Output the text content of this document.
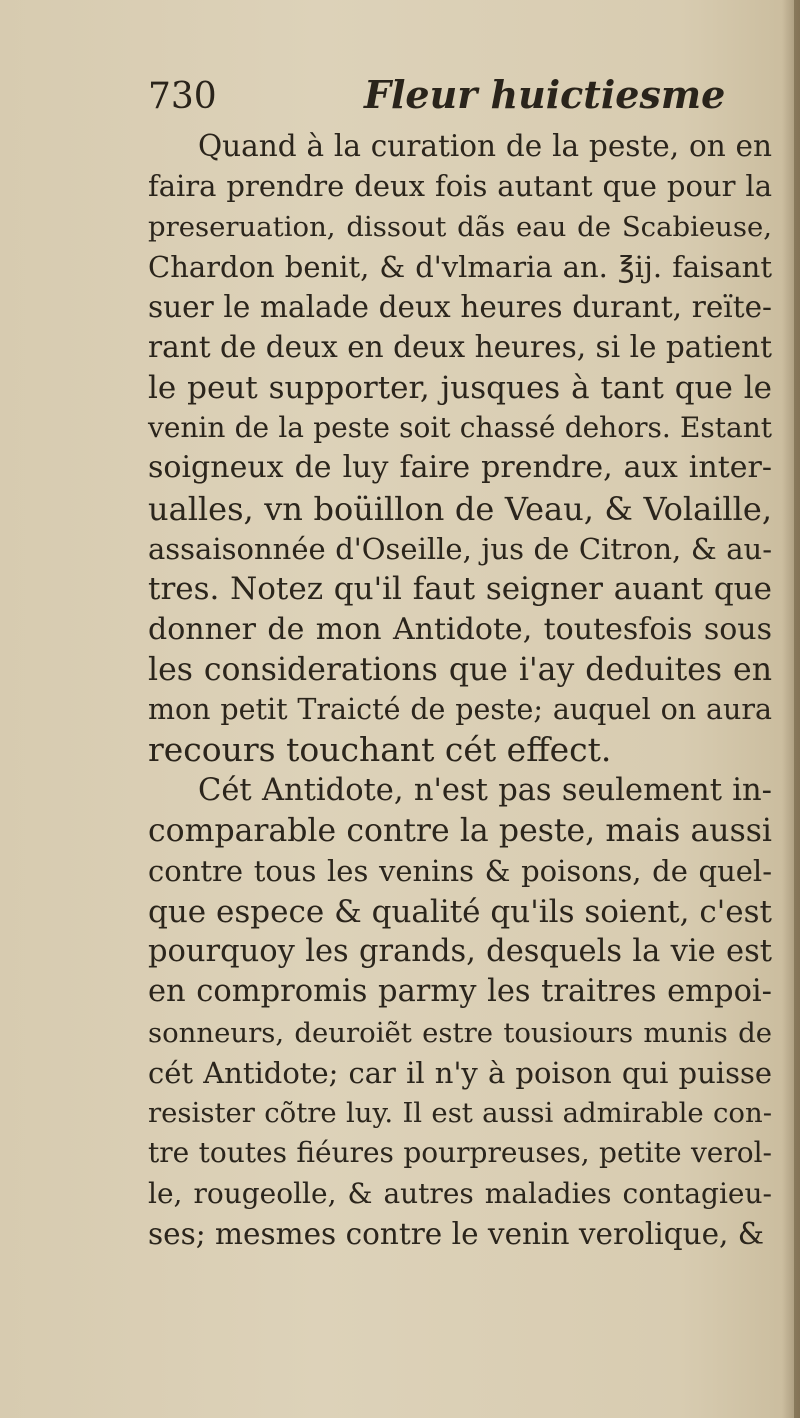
730	Fleur huictiesme
Quand à la curation de la peste, on en
faira prendre deux fois autant que pour la
preseruation, dissout dãs eau de Scabieuse,
Chardon benit, & d'vlmaria an. ℥ij. faisant
suer le malade deux heures durant, reïte-
rant de deux en deux heures, si le patient
le peut supporter, jusques à tant que le
venin de la peste soit chassé dehors. Estant
soigneux de luy faire prendre, aux inter-
ualles, vn boüillon de Veau, & Volaille,
assaisonnée d'Oseille, jus de Citron, & au-
tres. Notez qu'il faut seigner auant que
donner de mon Antidote, toutesfois sous
les considerations que i'ay deduites en
mon petit Traicté de peste; auquel on aura
recours touchant cét effect.
Cét Antidote, n'est pas seulement in-
comparable contre la peste, mais aussi
contre tous les venins & poisons, de quel-
que espece & qualité qu'ils soient, c'est
pourquoy les grands, desquels la vie est
en compromis parmy les traitres empoi-
sonneurs, deuroiẽt estre tousiours munis de
cét Antidote; car il n'y à poison qui puisse
resister cõtre luy. Il est aussi admirable con-
tre toutes fiéures pourpreuses, petite verol-
le, rougeolle, & autres maladies contagieu-
ses; mesmes contre le venin verolique, &
